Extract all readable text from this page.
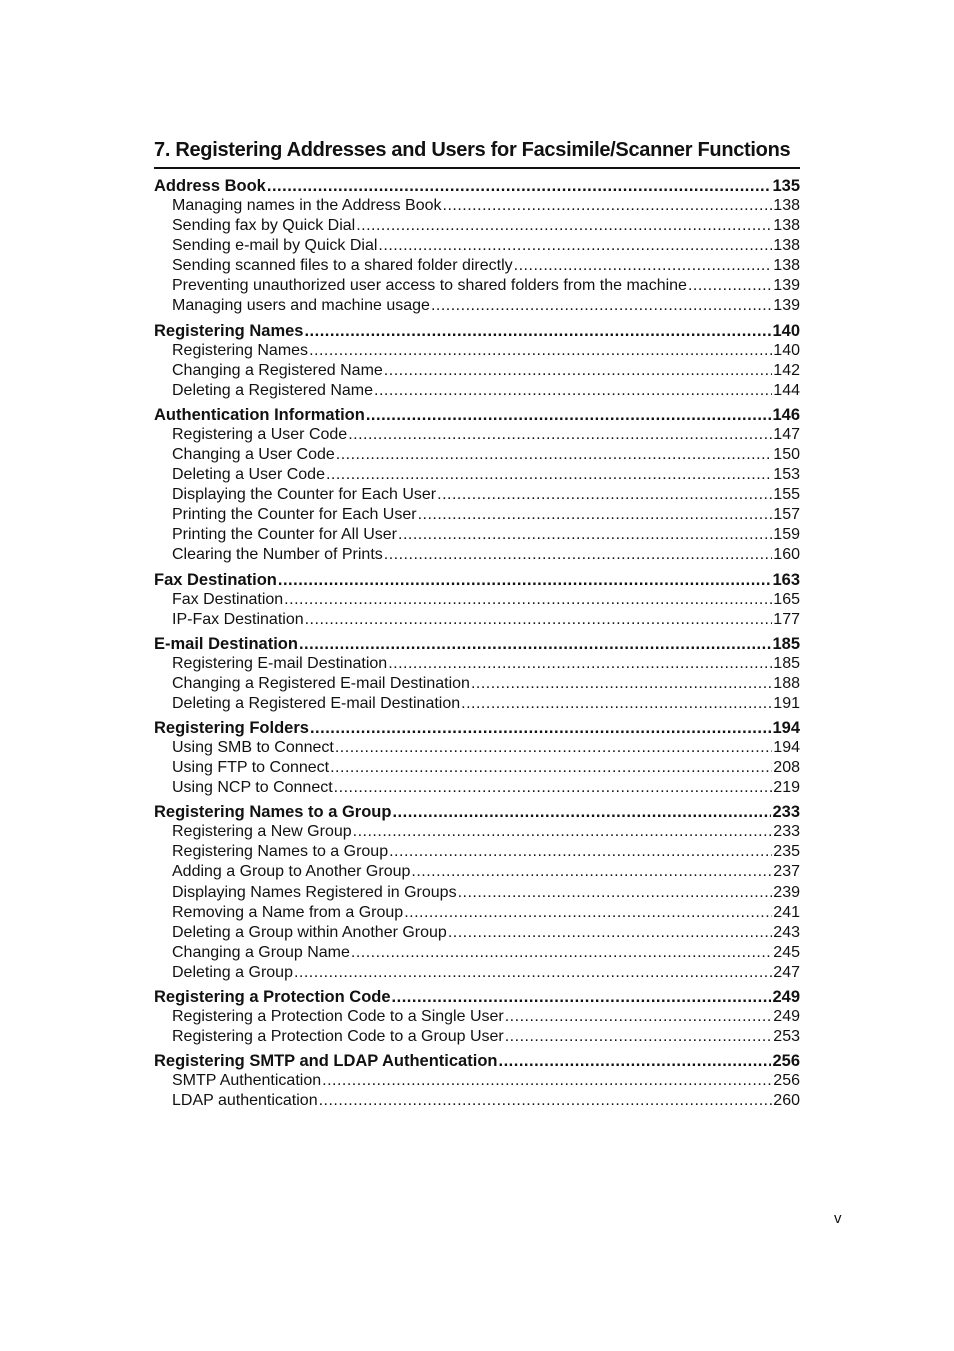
7. Registering Addresses and Users for Facsimile/Scanner Functions
Address Book .....	135
Managing names in the Address Book .....	138
Sending fax by Quick Dial .....	138
Sending e-mail by Quick Dial .....	138
Sending scanned files to a shared folder directly .....	138
Preventing unauthorized user access to shared folders from the machine .....	139
Managing users and machine usage .....	139
Registering Names .....	140
Registering Names .....	140
Changing a Registered Name .....	142
Deleting a Registered Name .....	144
Authentication Information .....	146
Registering a User Code .....	147
Changing a User Code .....	150
Deleting a User Code .....	153
Displaying the Counter for Each User .....	155
Printing the Counter for Each User .....	157
Printing the Counter for All User .....	159
Clearing the Number of Prints .....	160
Fax Destination .....	163
Fax Destination .....	165
IP-Fax Destination .....	177
E-mail Destination .....	185
Registering E-mail Destination .....	185
Changing a Registered E-mail Destination .....	188
Deleting a Registered E-mail Destination .....	191
Registering Folders .....	194
Using SMB to Connect .....	194
Using FTP to Connect .....	208
Using NCP to Connect .....	219
Registering Names to a Group .....	233
Registering a New Group .....	233
Registering Names to a Group .....	235
Adding a Group to Another Group .....	237
Displaying Names Registered in Groups .....	239
Removing a Name from a Group .....	241
Deleting a Group within Another Group .....	243
Changing a Group Name .....	245
Deleting a Group .....	247
Registering a Protection Code .....	249
Registering a Protection Code to a Single User .....	249
Registering a Protection Code to a Group User .....	253
Registering SMTP and LDAP Authentication .....	256
SMTP Authentication .....	256
LDAP authentication .....	260
v
